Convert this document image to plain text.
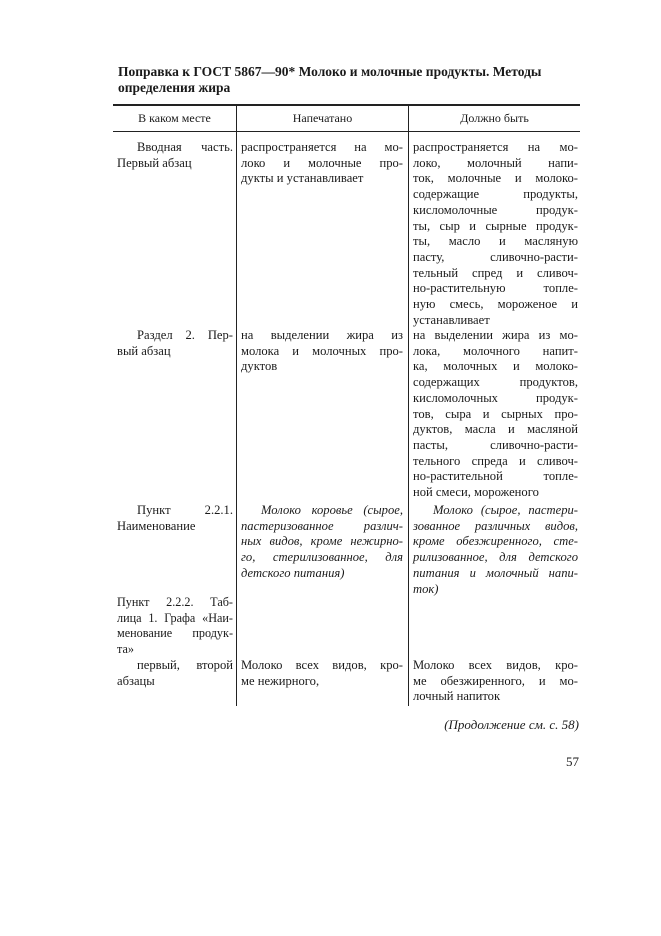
Поправка к ГОСТ 5867—90* Молоко и молочные продукты. Методы
определения жира
В каком месте	Напечатано	Должно быть
Вводная часть.
Первый абзац
распространяется на мо-
локо и молочные про-
дукты и устанавливает
распространяется на мо-
локо, молочный напи-
ток, молочные и молоко-
содержащие продукты,
кисломолочные продук-
ты, сыр и сырные продук-
ты, масло и масляную
пасту, сливочно-расти-
тельный спред и сливоч-
но-растительную топле-
ную смесь, мороженое и
устанавливает
Раздел 2. Пер-
вый абзац
на выделении жира из
молока и молочных про-
дуктов
на выделении жира из мо-
лока, молочного напит-
ка, молочных и молоко-
содержащих продуктов,
кисломолочных продук-
тов, сыра и сырных про-
дуктов, масла и масляной
пасты, сливочно-расти-
тельного спреда и сливоч-
но-растительной топле-
ной смеси, мороженого
Пункт 2.2.1.
Наименование
Молоко коровье (сырое,
пастеризованное различ-
ных видов, кроме нежирно-
го, стерилизованное, для
детского питания)
Молоко (сырое, пастери-
зованное различных видов,
кроме обезжиренного, сте-
рилизованное, для детского
питания и молочный напи-
ток)
Пункт 2.2.2. Таб-
лица 1. Графа «Наи-
менование продук-
та»
первый, второй
абзацы
Молоко всех видов, кро-
ме нежирного,
Молоко всех видов, кро-
ме обезжиренного, и мо-
лочный напиток
(Продолжение см. с. 58)
57
